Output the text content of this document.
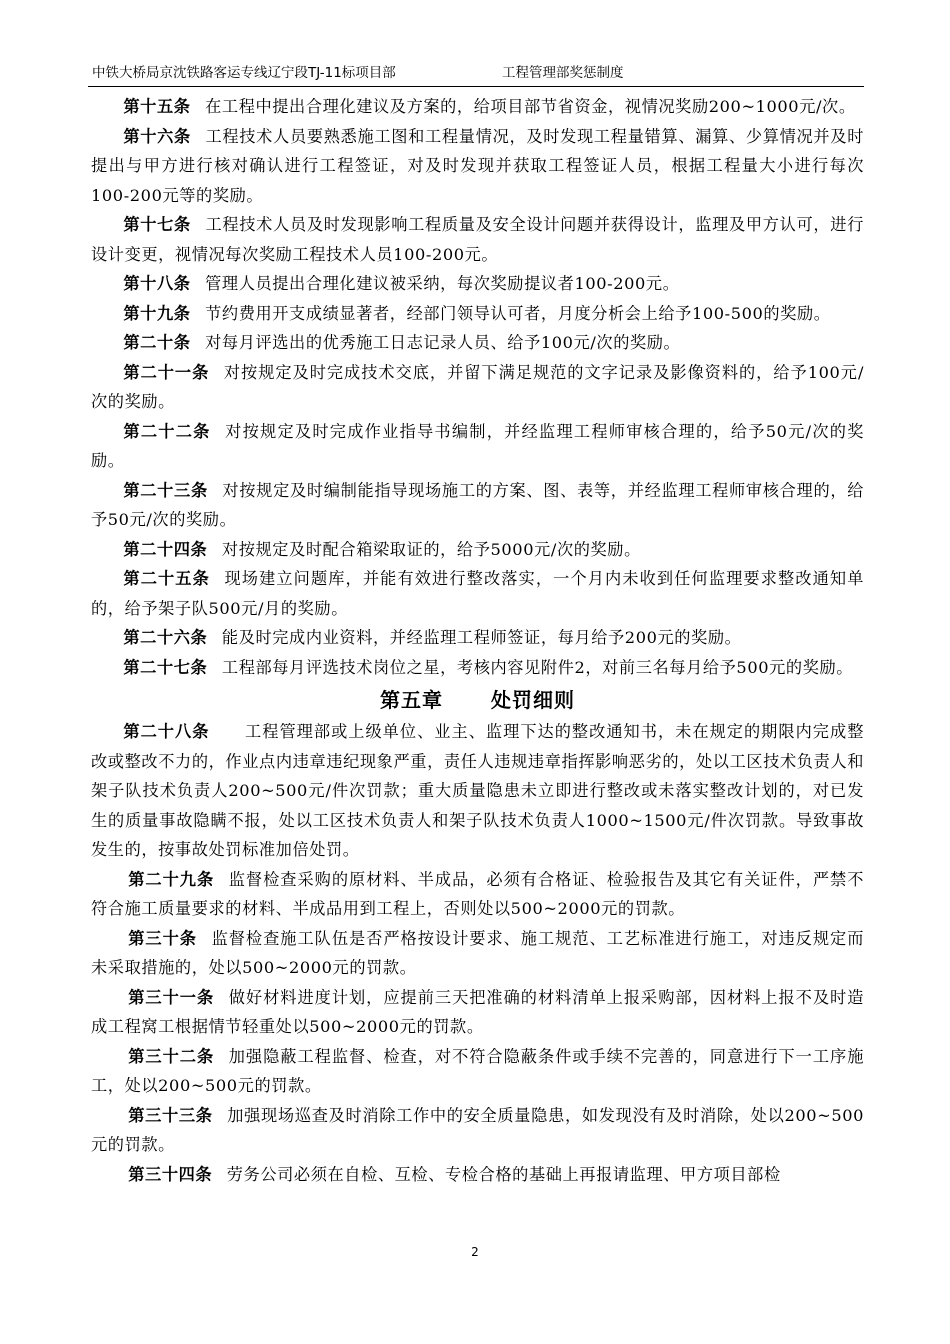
中铁大桥局京沈铁路客运专线辽宁段TJ-11标项目部	工程管理部奖惩制度

第十五条 在工程中提出合理化建议及方案的，给项目部节省资金，视情况奖励200~1000元/次。

第十六条 工程技术人员要熟悉施工图和工程量情况，及时发现工程量错算、漏算、少算情况并及时提出与甲方进行核对确认进行工程签证，对及时发现并获取工程签证人员，根据工程量大小进行每次100-200元等的奖励。

第十七条 工程技术人员及时发现影响工程质量及安全设计问题并获得设计，监理及甲方认可，进行设计变更，视情况每次奖励工程技术人员100-200元。

第十八条 管理人员提出合理化建议被采纳，每次奖励提议者100-200元。

第十九条 节约费用开支成绩显著者，经部门领导认可者，月度分析会上给予100-500的奖励。

第二十条 对每月评选出的优秀施工日志记录人员、给予100元/次的奖励。

第二十一条 对按规定及时完成技术交底，并留下满足规范的文字记录及影像资料的，给予100元/次的奖励。

第二十二条 对按规定及时完成作业指导书编制，并经监理工程师审核合理的，给予50元/次的奖励。

第二十三条 对按规定及时编制能指导现场施工的方案、图、表等，并经监理工程师审核合理的，给予50元/次的奖励。

第二十四条 对按规定及时配合箱梁取证的，给予5000元/次的奖励。

第二十五条 现场建立问题库，并能有效进行整改落实，一个月内未收到任何监理要求整改通知单的，给予架子队500元/月的奖励。

第二十六条 能及时完成内业资料，并经监理工程师签证，每月给予200元的奖励。

第二十七条 工程部每月评选技术岗位之星，考核内容见附件2，对前三名每月给予500元的奖励。

第五章 处罚细则

第二十八条 工程管理部或上级单位、业主、监理下达的整改通知书，未在规定的期限内完成整改或整改不力的，作业点内违章违纪现象严重，责任人违规违章指挥影响恶劣的，处以工区技术负责人和架子队技术负责人200~500元/件次罚款；重大质量隐患未立即进行整改或未落实整改计划的，对已发生的质量事故隐瞒不报，处以工区技术负责人和架子队技术负责人1000~1500元/件次罚款。导致事故发生的，按事故处罚标准加倍处罚。

第二十九条 监督检查采购的原材料、半成品，必须有合格证、检验报告及其它有关证件，严禁不符合施工质量要求的材料、半成品用到工程上，否则处以500~2000元的罚款。

第三十条 监督检查施工队伍是否严格按设计要求、施工规范、工艺标准进行施工，对违反规定而未采取措施的，处以500~2000元的罚款。

第三十一条 做好材料进度计划，应提前三天把准确的材料清单上报采购部，因材料上报不及时造成工程窝工根据情节轻重处以500~2000元的罚款。

第三十二条 加强隐蔽工程监督、检查，对不符合隐蔽条件或手续不完善的，同意进行下一工序施工，处以200~500元的罚款。

第三十三条 加强现场巡查及时消除工作中的安全质量隐患，如发现没有及时消除，处以200~500元的罚款。

第三十四条 劳务公司必须在自检、互检、专检合格的基础上再报请监理、甲方项目部检

2
